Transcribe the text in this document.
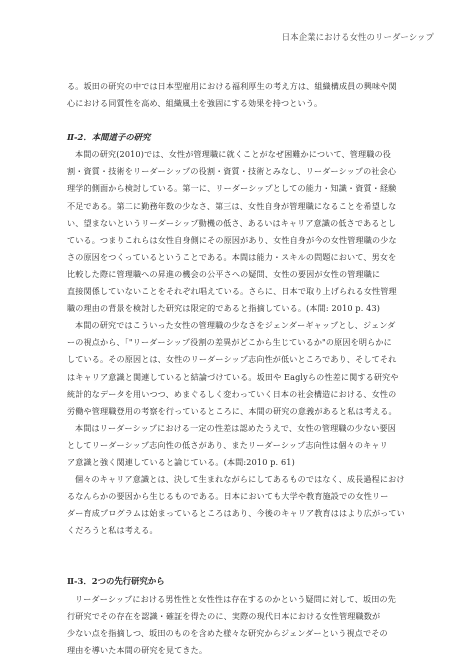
日本企業における女性のリーダーシップ
る。坂田の研究の中では日本型雇用における福利厚生の考え方は、組織構成員の興味や関
心における同質性を高め、組織風土を強固にする効果を持つという。
Ⅱ-2．本間道子の研究
本間の研究(2010)では、女性が管理職に就くことがなぜ困難かについて、管理職の役
割・資質・技術をリーダーシップの役割・資質・技術とみなし、リーダーシップの社会心
理学的側面から検討している。第一に、リーダーシップとしての能力・知識・資質・経験
不足である。第二に勤務年数の少なさ、第三は、女性自身が管理職になることを希望しな
い、望まないというリーダーシップ動機の低さ、あるいはキャリア意識の低さであるとし
ている。つまりこれらは女性自身側にその原因があり、女性自身が今の女性管理職の少な
さの原因をつくっているということである。本間は能力・スキルの問題において、男女を
比較した際に管理職への昇進の機会の公平さへの疑問、女性の要因が女性の管理職に
直接関係していないことをそれぞれ唱えている。さらに、日本で取り上げられる女性管理
職の理由の背景を検討した研究は限定的であると指摘している。(本間: 2010 p. 43)
本間の研究ではこういった女性の管理職の少なさをジェンダーギャップとし、ジェンダ
ーの視点から、「"リーダーシップ役割の差異がどこから生じているか"の原因を明らかに
している。その原因とは、女性のリーダーシップ志向性が低いところであり、そしてそれ
はキャリア意識と関連していると結論づけている。坂田や Eaglyらの性差に関する研究や
統計的なデータを用いつつ、めまぐるしく変わっていく日本の社会構造における、女性の
労働や管理職登用の考察を行っているところに、本間の研究の意義があると私は考える。
本間はリーダーシップにおける一定の性差は認めたうえで、女性の管理職の少ない要因
としてリーダーシップ志向性の低さがあり、またリーダーシップ志向性は個々のキャリ
ア意識と強く関連していると論じている。(本間:2010 p. 61)
個々のキャリア意識とは、決して生まれながらにしてあるものではなく、成長過程におけ
るなんらかの要因から生じるものである。日本においても大学や教育施設での女性リー
ダー育成プログラムは始まっているところはあり、今後のキャリア教育ははより広がってい
くだろうと私は考える。
Ⅱ-3．2つの先行研究から
リーダーシップにおける男性性と女性性は存在するのかという疑問に対して、坂田の先
行研究でその存在を認識・確証を得たのに、実際の現代日本における女性管理職数が
少ない点を指摘しつ、坂田のものを含めた様々な研究からジェンダーという視点でその
理由を導いた本間の研究を見てきた。
